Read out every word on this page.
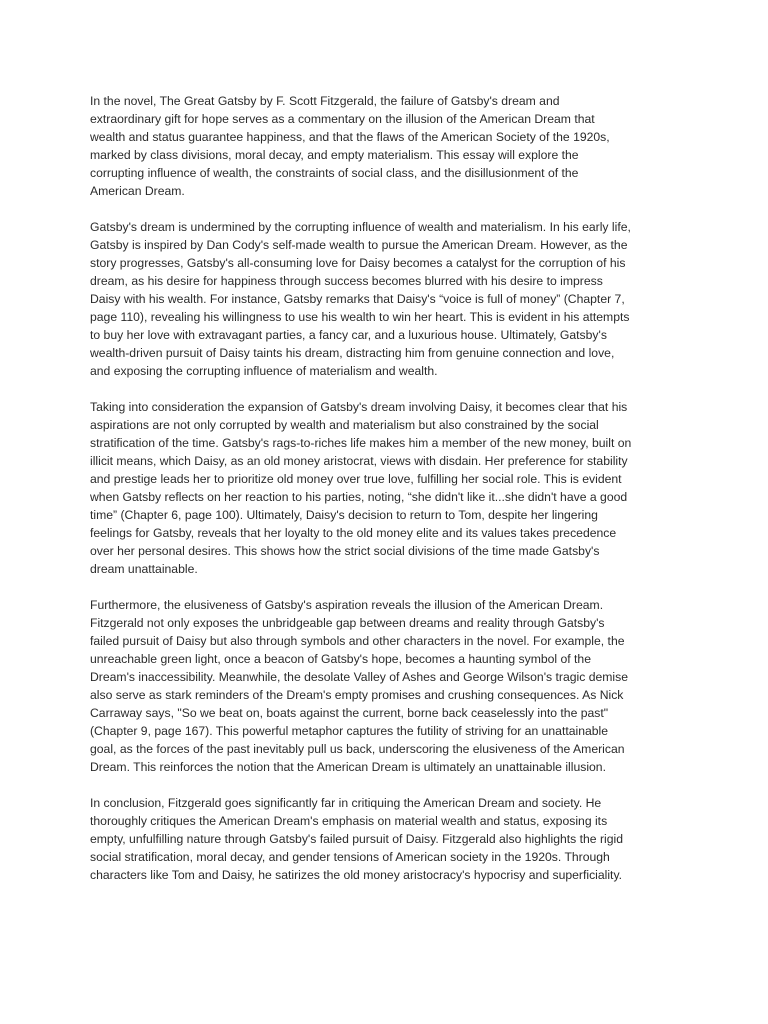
In the novel, The Great Gatsby by F. Scott Fitzgerald, the failure of Gatsby's dream and
extraordinary gift for hope serves as a commentary on the illusion of the American Dream that
wealth and status guarantee happiness, and that the flaws of the American Society of the 1920s,
marked by class divisions, moral decay, and empty materialism. This essay will explore the
corrupting influence of wealth, the constraints of social class, and the disillusionment of the
American Dream.

Gatsby's dream is undermined by the corrupting influence of wealth and materialism. In his early life,
Gatsby is inspired by Dan Cody's self-made wealth to pursue the American Dream. However, as the
story progresses, Gatsby's all-consuming love for Daisy becomes a catalyst for the corruption of his
dream, as his desire for happiness through success becomes blurred with his desire to impress
Daisy with his wealth. For instance, Gatsby remarks that Daisy's “voice is full of money” (Chapter 7,
page 110), revealing his willingness to use his wealth to win her heart. This is evident in his attempts
to buy her love with extravagant parties, a fancy car, and a luxurious house. Ultimately, Gatsby's
wealth-driven pursuit of Daisy taints his dream, distracting him from genuine connection and love,
and exposing the corrupting influence of materialism and wealth.

Taking into consideration the expansion of Gatsby's dream involving Daisy, it becomes clear that his
aspirations are not only corrupted by wealth and materialism but also constrained by the social
stratification of the time. Gatsby's rags-to-riches life makes him a member of the new money, built on
illicit means, which Daisy, as an old money aristocrat, views with disdain. Her preference for stability
and prestige leads her to prioritize old money over true love, fulfilling her social role. This is evident
when Gatsby reflects on her reaction to his parties, noting, “she didn't like it...she didn't have a good
time” (Chapter 6, page 100). Ultimately, Daisy's decision to return to Tom, despite her lingering
feelings for Gatsby, reveals that her loyalty to the old money elite and its values takes precedence
over her personal desires. This shows how the strict social divisions of the time made Gatsby's
dream unattainable.

Furthermore, the elusiveness of Gatsby's aspiration reveals the illusion of the American Dream.
Fitzgerald not only exposes the unbridgeable gap between dreams and reality through Gatsby's
failed pursuit of Daisy but also through symbols and other characters in the novel. For example, the
unreachable green light, once a beacon of Gatsby's hope, becomes a haunting symbol of the
Dream's inaccessibility. Meanwhile, the desolate Valley of Ashes and George Wilson's tragic demise
also serve as stark reminders of the Dream's empty promises and crushing consequences. As Nick
Carraway says, "So we beat on, boats against the current, borne back ceaselessly into the past"
(Chapter 9, page 167). This powerful metaphor captures the futility of striving for an unattainable
goal, as the forces of the past inevitably pull us back, underscoring the elusiveness of the American
Dream. This reinforces the notion that the American Dream is ultimately an unattainable illusion.

In conclusion, Fitzgerald goes significantly far in critiquing the American Dream and society. He
thoroughly critiques the American Dream's emphasis on material wealth and status, exposing its
empty, unfulfilling nature through Gatsby's failed pursuit of Daisy. Fitzgerald also highlights the rigid
social stratification, moral decay, and gender tensions of American society in the 1920s. Through
characters like Tom and Daisy, he satirizes the old money aristocracy's hypocrisy and superficiality.
